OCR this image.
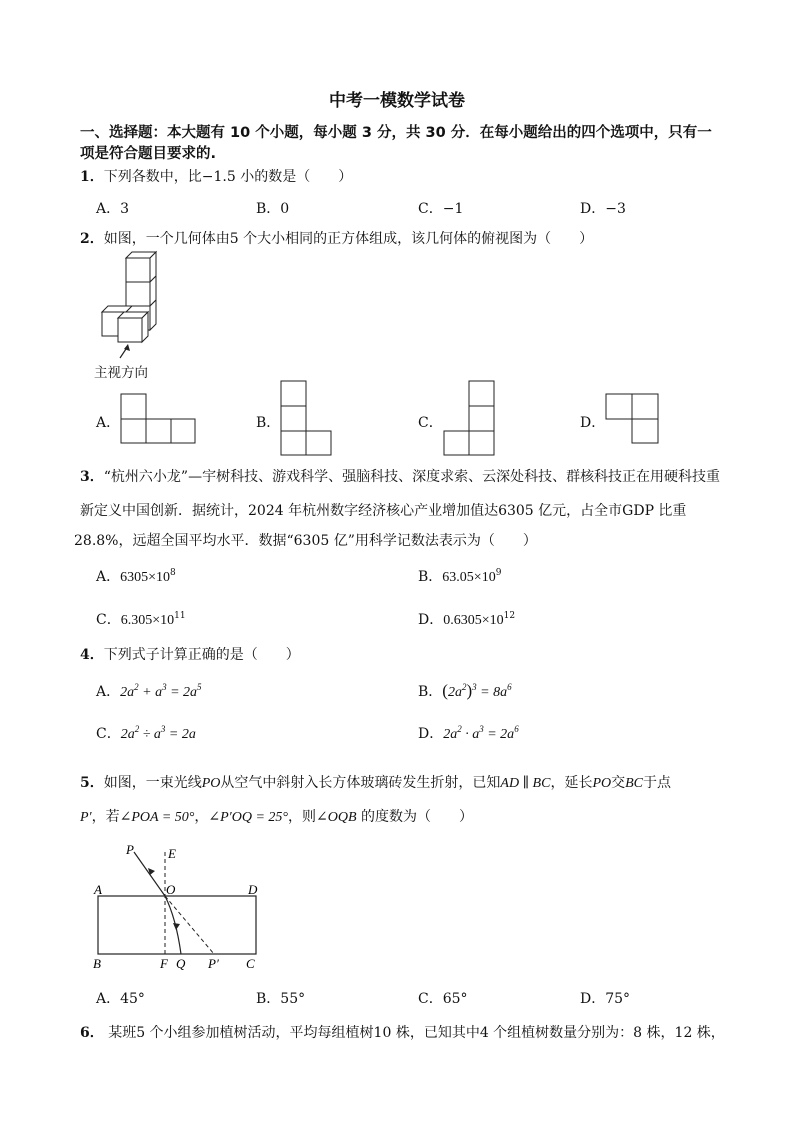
中考一模数学试卷
一、选择题：本大题有 10 个小题，每小题 3 分，共 30 分．在每小题给出的四个选项中，只有一
项是符合题目要求的.
1．下列各数中，比−1.5 小的数是（　　）
A．3	B．0	C．−1	D．−3
2．如图，一个几何体由5 个大小相同的正方体组成，该几何体的俯视图为（　　）
主视方向
A．	B．	C．	D．
3．“杭州六小龙”—宇树科技、游戏科学、强脑科技、深度求索、云深处科技、群核科技正在用硬科技重
新定义中国创新．据统计，2024 年杭州数字经济核心产业增加值达6305 亿元，占全市GDP 比重
28.8%，远超全国平均水平．数据“6305 亿”用科学记数法表示为（　　）
A．$6305\times 10^8$	B．$63.05\times 10^9$
C．$6.305\times 10^{11}$	D．$0.6305\times 10^{12}$
4．下列式子计算正确的是（　　）
A．$2a^2 + a^3 = 2a^5$	B．$(2a^2)^3 = 8a^6$
C．$2a^2 \div a^3 = 2a$	D．$2a^2 \cdot a^3 = 2a^6$
5．如图，一束光线PO从空气中斜射入长方体玻璃砖发生折射，已知AD ∥ BC，延长PO交BC于点
P′，若∠POA = 50°，∠P′OQ = 25°，则∠OQB 的度数为（　　）
P	E
A	O	D
B	F Q P′ C
A．45°	B．55°	C．65°	D．75°
6． 某班5 个小组参加植树活动，平均每组植树10 株，已知其中4 个组植树数量分别为：8 株，12 株，
